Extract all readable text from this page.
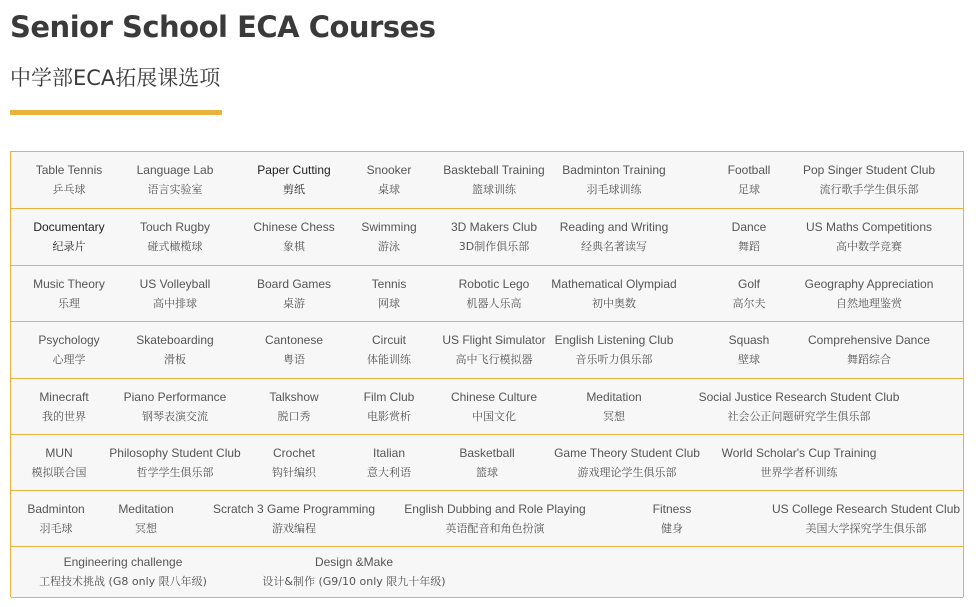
Senior School ECA Courses
中学部ECA拓展课选项
Table Tennis
乒乓球
Language Lab
语言实验室
Paper Cutting
剪纸
Snooker
桌球
Baskteball Training
篮球训练
Badminton Training
羽毛球训练
Football
足球
Pop Singer Student Club
流行歌手学生俱乐部
Documentary
纪录片
Touch Rugby
碰式橄榄球
Chinese Chess
象棋
Swimming
游泳
3D Makers Club
3D制作俱乐部
Reading and Writing
经典名著读写
Dance
舞蹈
US Maths Competitions
高中数学竞赛
Music Theory
乐理
US Volleyball
高中排球
Board Games
桌游
Tennis
网球
Robotic Lego
机器人乐高
Mathematical Olympiad
初中奥数
Golf
高尔夫
Geography Appreciation
自然地理鉴赏
Psychology
心理学
Skateboarding
滑板
Cantonese
粤语
Circuit
体能训练
US Flight Simulator
高中飞行模拟器
English Listening Club
音乐听力俱乐部
Squash
壁球
Comprehensive Dance
舞蹈综合
Minecraft
我的世界
Piano Performance
钢琴表演交流
Talkshow
脱口秀
Film Club
电影赏析
Chinese Culture
中国文化
Meditation
冥想
Social Justice Research Student Club
社会公正问题研究学生俱乐部
MUN
模拟联合国
Philosophy Student Club
哲学学生俱乐部
Crochet
钩针编织
Italian
意大利语
Basketball
篮球
Game Theory Student Club
游戏理论学生俱乐部
World Scholar's Cup Training
世界学者杯训练
Badminton
羽毛球
Meditation
冥想
Scratch 3 Game Programming
游戏编程
English Dubbing and Role Playing
英语配音和角色扮演
Fitness
健身
US College Research Student Club
美国大学探究学生俱乐部
Engineering challenge
工程技术挑战 (G8 only 限八年级)
Design &Make
设计&制作 (G9/10 only 限九十年级)
